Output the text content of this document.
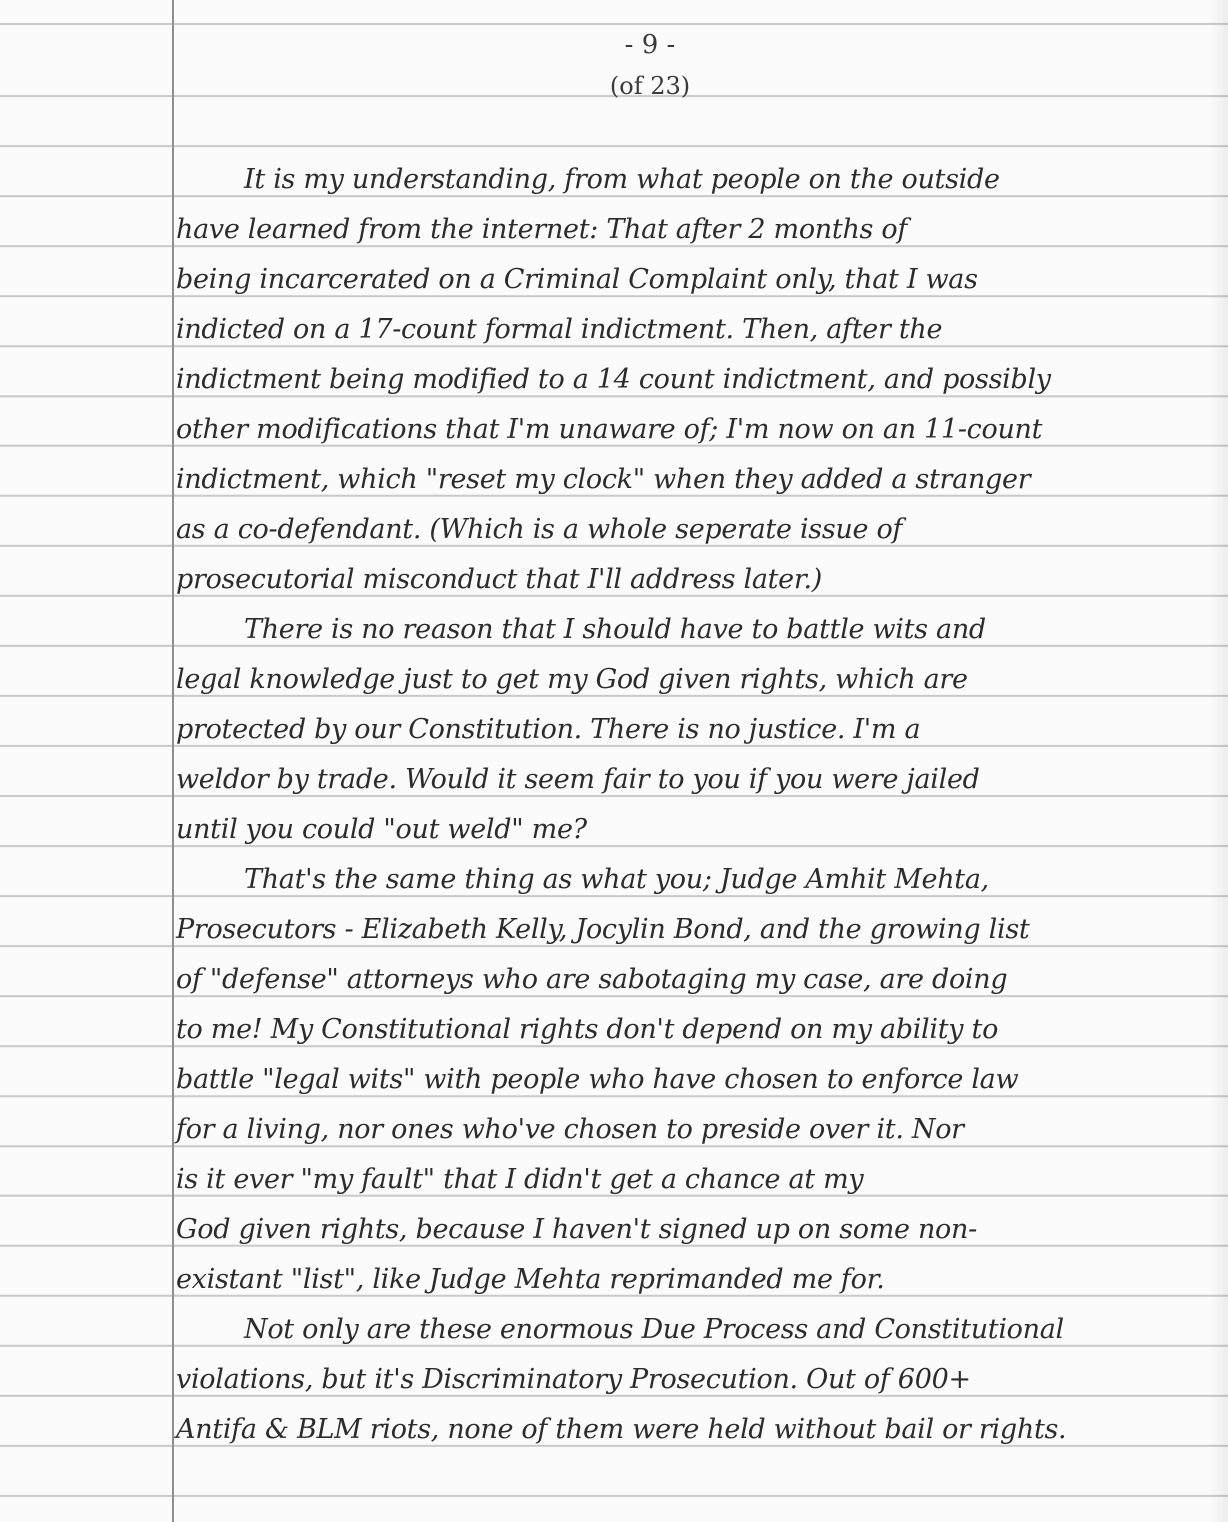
- 9 -
(of 23)
It is my understanding, from what people on the outside
have learned from the internet: That after 2 months of
being incarcerated on a Criminal Complaint only, that I was
indicted on a 17-count formal indictment. Then, after the
indictment being modified to a 14 count indictment, and possibly
other modifications that I'm unaware of; I'm now on an 11-count
indictment, which "reset my clock" when they added a stranger
as a co-defendant. (Which is a whole seperate issue of
prosecutorial misconduct that I'll address later.)
There is no reason that I should have to battle wits and
legal knowledge just to get my God given rights, which are
protected by our Constitution. There is no justice. I'm a
weldor by trade. Would it seem fair to you if you were jailed
until you could "out weld" me?
That's the same thing as what you; Judge Amhit Mehta,
Prosecutors - Elizabeth Kelly, Jocylin Bond, and the growing list
of "defense" attorneys who are sabotaging my case, are doing
to me! My Constitutional rights don't depend on my ability to
battle "legal wits" with people who have chosen to enforce law
for a living, nor ones who've chosen to preside over it. Nor
is it ever "my fault" that I didn't get a chance at my
God given rights, because I haven't signed up on some non-
existant "list", like Judge Mehta reprimanded me for.
Not only are these enormous Due Process and Constitutional
violations, but it's Discriminatory Prosecution. Out of 600+
Antifa & BLM riots, none of them were held without bail or rights.
